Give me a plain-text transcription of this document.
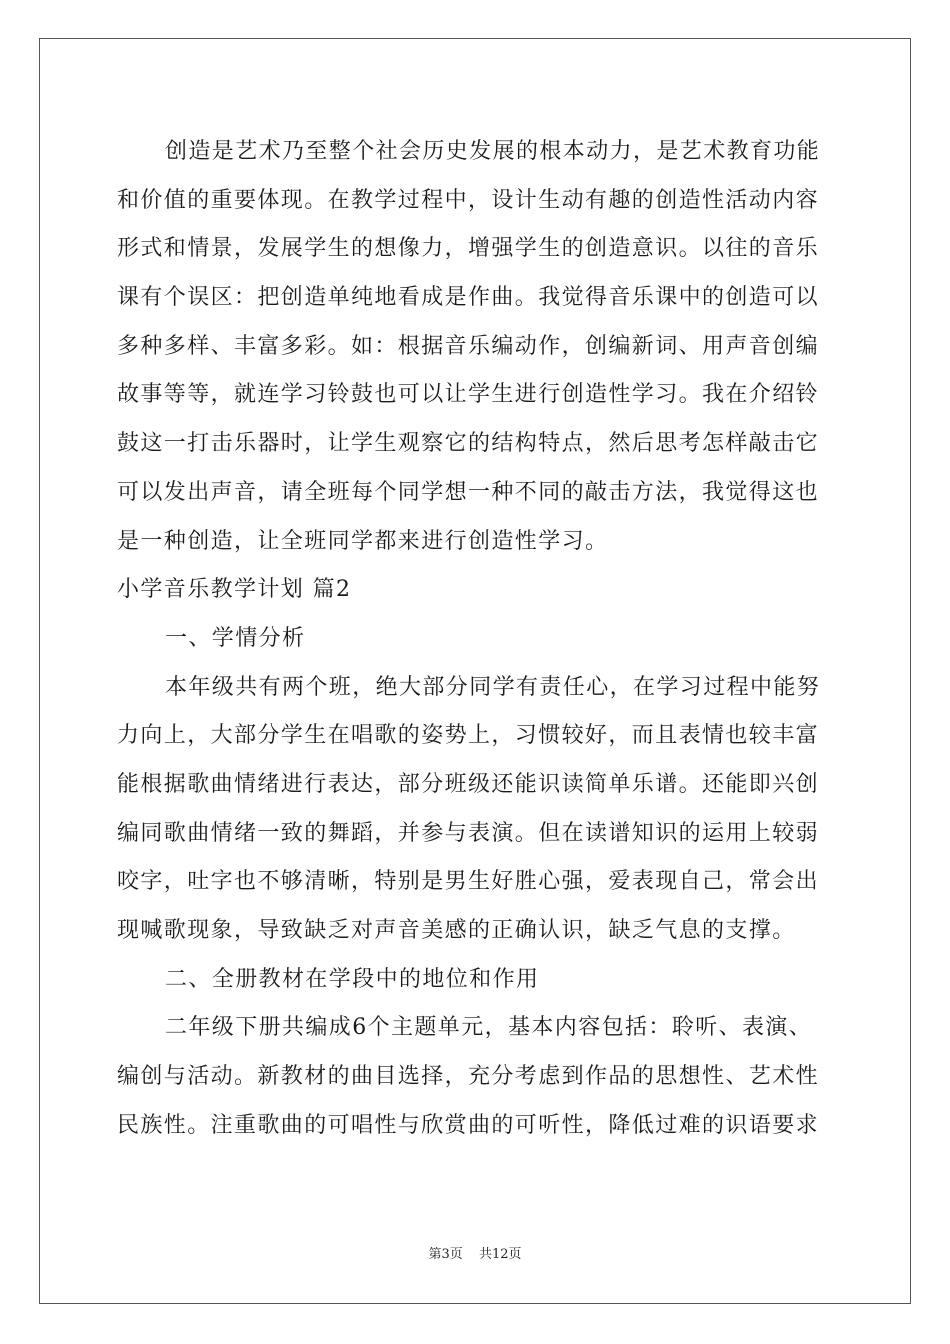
创造是艺术乃至整个社会历史发展的根本动力，是艺术教育功能
和价值的重要体现。在教学过程中，设计生动有趣的创造性活动内容
形式和情景，发展学生的想像力，增强学生的创造意识。以往的音乐
课有个误区：把创造单纯地看成是作曲。我觉得音乐课中的创造可以
多种多样、丰富多彩。如：根据音乐编动作，创编新词、用声音创编
故事等等，就连学习铃鼓也可以让学生进行创造性学习。我在介绍铃
鼓这一打击乐器时，让学生观察它的结构特点，然后思考怎样敲击它
可以发出声音，请全班每个同学想一种不同的敲击方法，我觉得这也
是一种创造，让全班同学都来进行创造性学习。
小学音乐教学计划 篇2
一、学情分析
本年级共有两个班，绝大部分同学有责任心，在学习过程中能努
力向上，大部分学生在唱歌的姿势上，习惯较好，而且表情也较丰富
能根据歌曲情绪进行表达，部分班级还能识读简单乐谱。还能即兴创
编同歌曲情绪一致的舞蹈，并参与表演。但在读谱知识的运用上较弱
咬字，吐字也不够清晰，特别是男生好胜心强，爱表现自己，常会出
现喊歌现象，导致缺乏对声音美感的正确认识，缺乏气息的支撑。
二、全册教材在学段中的地位和作用
二年级下册共编成6个主题单元，基本内容包括：聆听、表演、
编创与活动。新教材的曲目选择，充分考虑到作品的思想性、艺术性
民族性。注重歌曲的可唱性与欣赏曲的可听性，降低过难的识语要求
第3页 共12页
